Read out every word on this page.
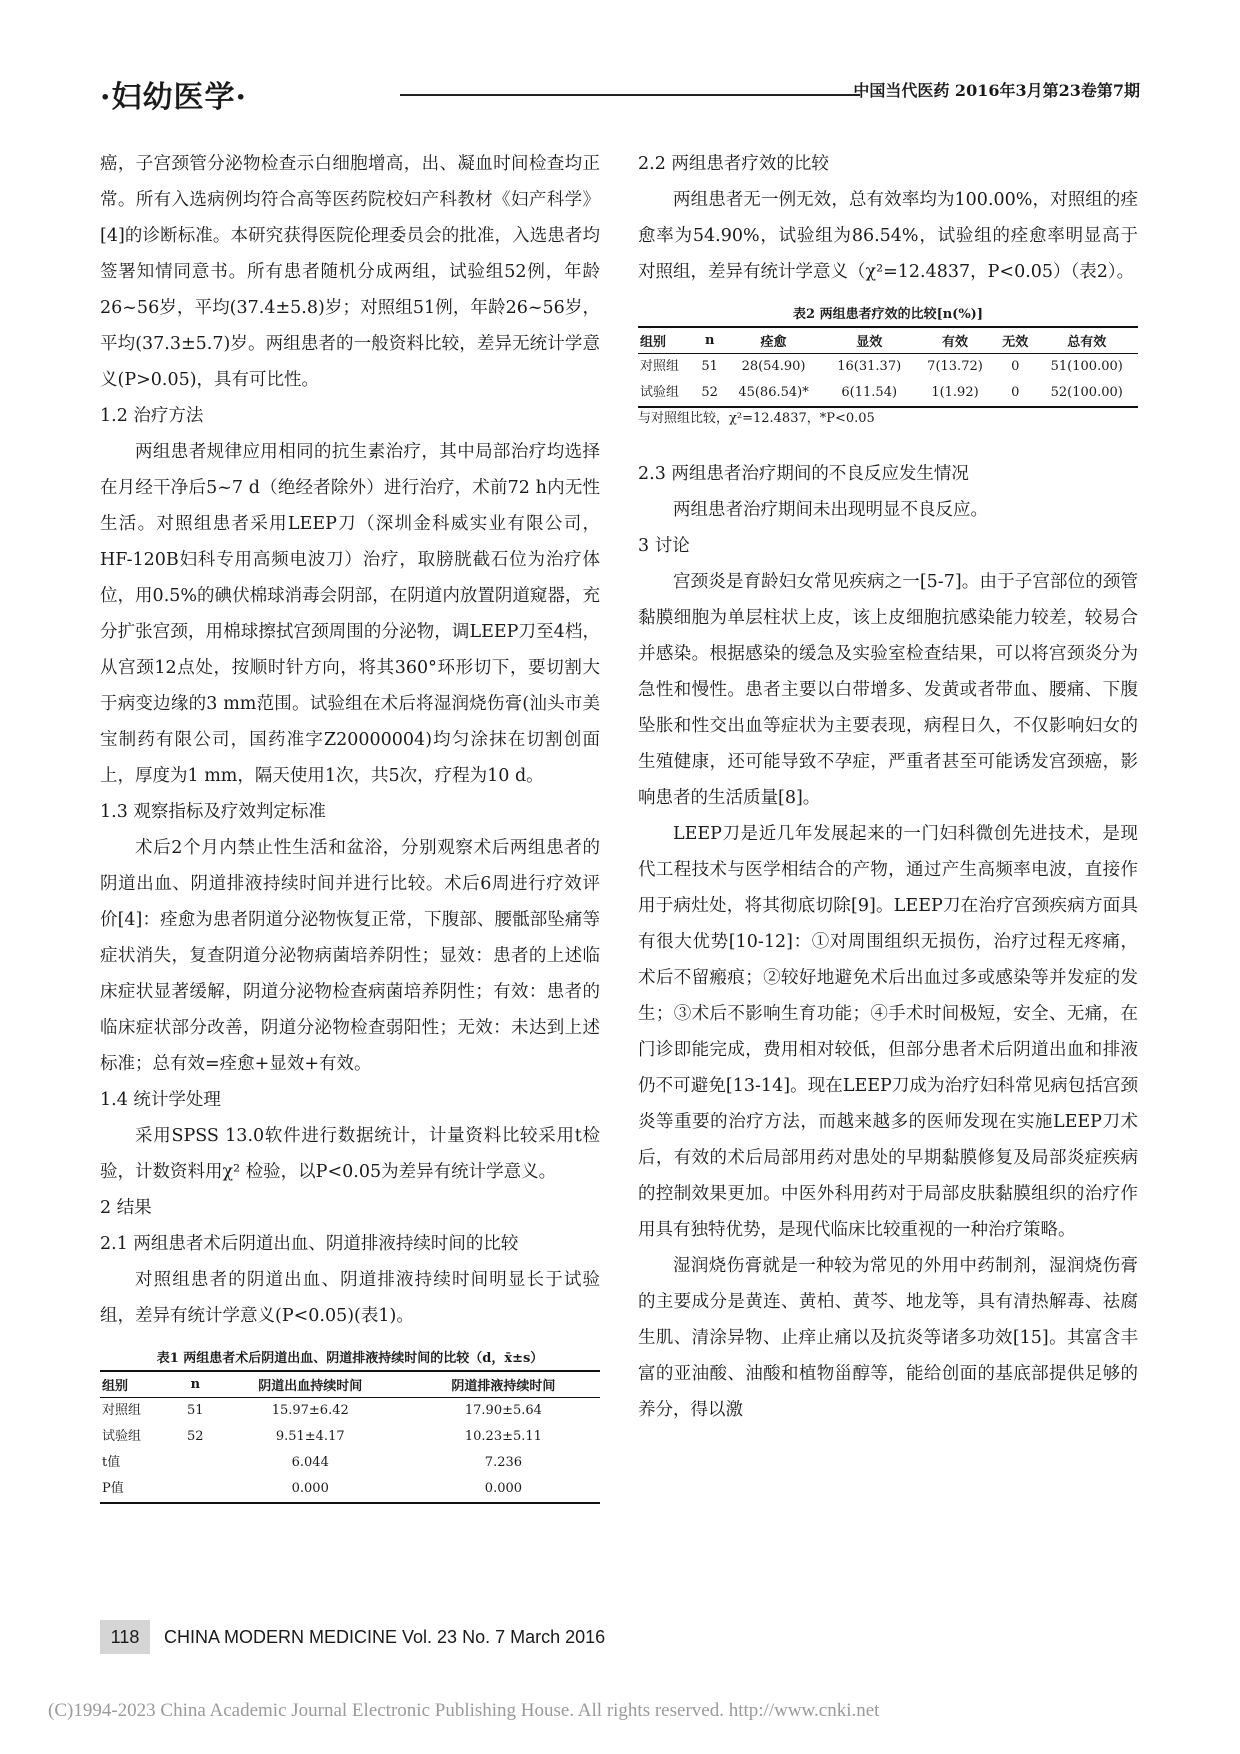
·妇幼医学·	中国当代医药 2016年3月第23卷第7期

癌，子宫颈管分泌物检查示白细胞增高，出、凝血时间检查均正常。所有入选病例均符合高等医药院校妇产科教材《妇产科学》[4]的诊断标准。本研究获得医院伦理委员会的批准，入选患者均签署知情同意书。所有患者随机分成两组，试验组52例，年龄26~56岁，平均(37.4±5.8)岁；对照组51例，年龄26~56岁，平均(37.3±5.7)岁。两组患者的一般资料比较，差异无统计学意义(P>0.05)，具有可比性。

1.2 治疗方法

两组患者规律应用相同的抗生素治疗，其中局部治疗均选择在月经干净后5~7 d（绝经者除外）进行治疗，术前72 h内无性生活。对照组患者采用LEEP刀（深圳金科威实业有限公司，HF-120B妇科专用高频电波刀）治疗，取膀胱截石位为治疗体位，用0.5%的碘伏棉球消毒会阴部，在阴道内放置阴道窥器，充分扩张宫颈，用棉球擦拭宫颈周围的分泌物，调LEEP刀至4档，从宫颈12点处，按顺时针方向，将其360°环形切下，要切割大于病变边缘的3 mm范围。试验组在术后将湿润烧伤膏(汕头市美宝制药有限公司，国药准字Z20000004)均匀涂抹在切割创面上，厚度为1 mm，隔天使用1次，共5次，疗程为10 d。

1.3 观察指标及疗效判定标准

术后2个月内禁止性生活和盆浴，分别观察术后两组患者的阴道出血、阴道排液持续时间并进行比较。术后6周进行疗效评价[4]：痊愈为患者阴道分泌物恢复正常，下腹部、腰骶部坠痛等症状消失，复查阴道分泌物病菌培养阴性；显效：患者的上述临床症状显著缓解，阴道分泌物检查病菌培养阴性；有效：患者的临床症状部分改善，阴道分泌物检查弱阳性；无效：未达到上述标准；总有效=痊愈+显效+有效。

1.4 统计学处理

采用SPSS 13.0软件进行数据统计，计量资料比较采用t检验，计数资料用χ² 检验，以P<0.05为差异有统计学意义。

2 结果
2.1 两组患者术后阴道出血、阴道排液持续时间的比较

对照组患者的阴道出血、阴道排液持续时间明显长于试验组，差异有统计学意义(P<0.05)(表1)。

表1 两组患者术后阴道出血、阴道排液持续时间的比较（d，x̄±s）
组别	n	阴道出血持续时间	阴道排液持续时间
对照组	51	15.97±6.42	17.90±5.64
试验组	52	9.51±4.17	10.23±5.11
t值		6.044	7.236
P值		0.000	0.000
2.2 两组患者疗效的比较

两组患者无一例无效，总有效率均为100.00%，对照组的痊愈率为54.90%，试验组为86.54%，试验组的痊愈率明显高于对照组，差异有统计学意义（χ²=12.4837，P<0.05）（表2）。

表2 两组患者疗效的比较[n(%)]
组别	n	痊愈	显效	有效	无效	总有效
对照组	51	28(54.90)	16(31.37)	7(13.72)	0	51(100.00)
试验组	52	45(86.54)*	6(11.54)	1(1.92)	0	52(100.00)
与对照组比较，χ²=12.4837，*P<0.05
2.3 两组患者治疗期间的不良反应发生情况

两组患者治疗期间未出现明显不良反应。

3 讨论

宫颈炎是育龄妇女常见疾病之一[5-7]。由于子宫部位的颈管黏膜细胞为单层柱状上皮，该上皮细胞抗感染能力较差，较易合并感染。根据感染的缓急及实验室检查结果，可以将宫颈炎分为急性和慢性。患者主要以白带增多、发黄或者带血、腰痛、下腹坠胀和性交出血等症状为主要表现，病程日久，不仅影响妇女的生殖健康，还可能导致不孕症，严重者甚至可能诱发宫颈癌，影响患者的生活质量[8]。

LEEP刀是近几年发展起来的一门妇科微创先进技术，是现代工程技术与医学相结合的产物，通过产生高频率电波，直接作用于病灶处，将其彻底切除[9]。LEEP刀在治疗宫颈疾病方面具有很大优势[10-12]：①对周围组织无损伤，治疗过程无疼痛，术后不留瘢痕；②较好地避免术后出血过多或感染等并发症的发生；③术后不影响生育功能；④手术时间极短，安全、无痛，在门诊即能完成，费用相对较低，但部分患者术后阴道出血和排液仍不可避免[13-14]。现在LEEP刀成为治疗妇科常见病包括宫颈炎等重要的治疗方法，而越来越多的医师发现在实施LEEP刀术后，有效的术后局部用药对患处的早期黏膜修复及局部炎症疾病的控制效果更加。中医外科用药对于局部皮肤黏膜组织的治疗作用具有独特优势，是现代临床比较重视的一种治疗策略。

湿润烧伤膏就是一种较为常见的外用中药制剂，湿润烧伤膏的主要成分是黄连、黄柏、黄芩、地龙等，具有清热解毒、祛腐生肌、清涂异物、止痒止痛以及抗炎等诸多功效[15]。其富含丰富的亚油酸、油酸和植物甾醇等，能给创面的基底部提供足够的养分，得以激

118	CHINA MODERN MEDICINE Vol. 23 No. 7 March 2016
(C)1994-2023 China Academic Journal Electronic Publishing House. All rights reserved. http://www.cnki.net
